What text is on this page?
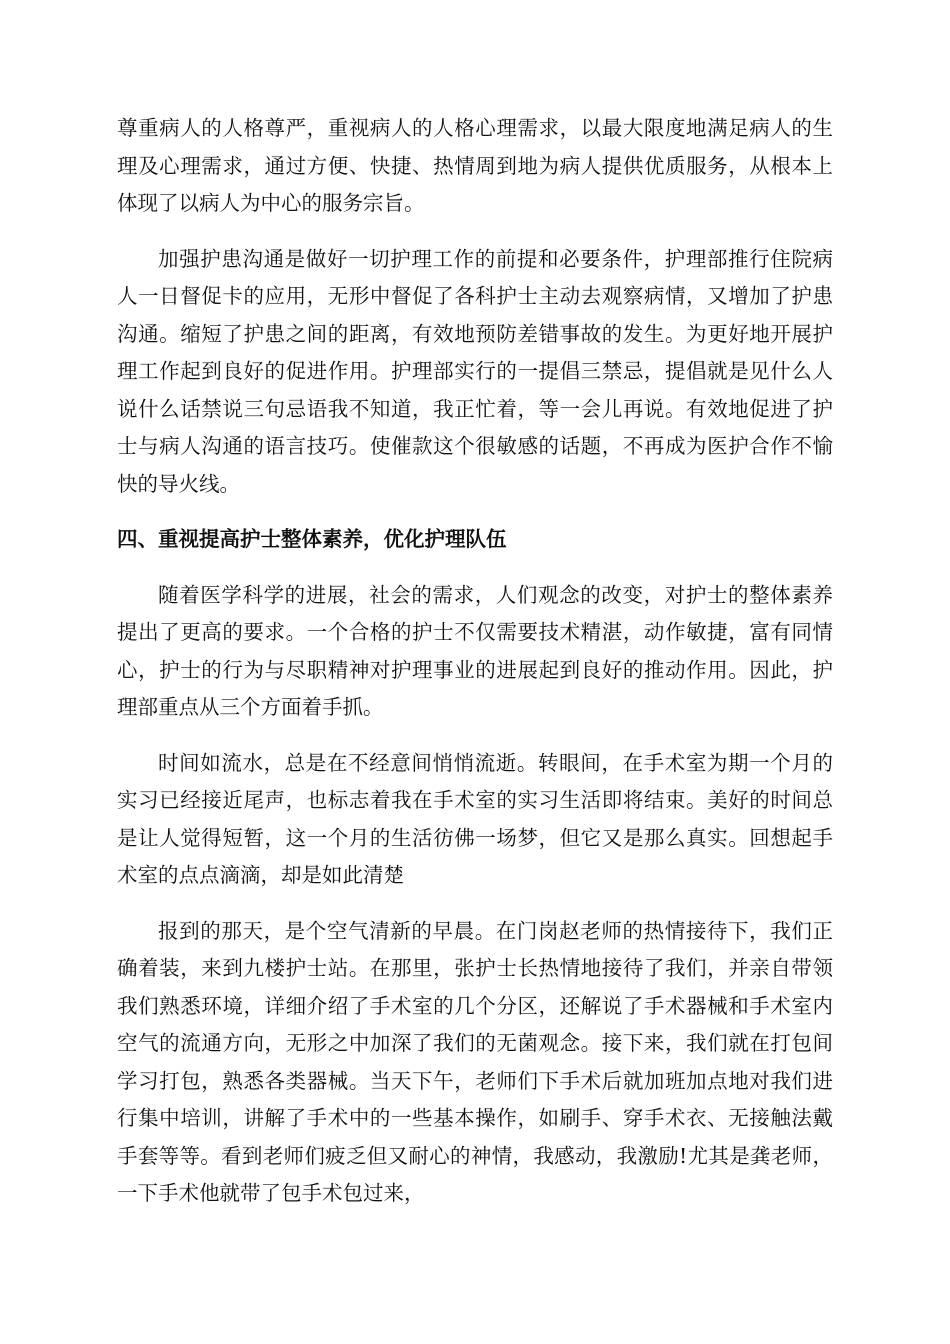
尊重病人的人格尊严，重视病人的人格心理需求，以最大限度地满足病人的生理及心理需求，通过方便、快捷、热情周到地为病人提供优质服务，从根本上体现了以病人为中心的服务宗旨。

加强护患沟通是做好一切护理工作的前提和必要条件，护理部推行住院病人一日督促卡的应用，无形中督促了各科护士主动去观察病情，又增加了护患沟通。缩短了护患之间的距离，有效地预防差错事故的发生。为更好地开展护理工作起到良好的促进作用。护理部实行的一提倡三禁忌，提倡就是见什么人说什么话禁说三句忌语我不知道，我正忙着，等一会儿再说。有效地促进了护士与病人沟通的语言技巧。使催款这个很敏感的话题，不再成为医护合作不愉快的导火线。

四、重视提高护士整体素养，优化护理队伍

随着医学科学的进展，社会的需求，人们观念的改变，对护士的整体素养提出了更高的要求。一个合格的护士不仅需要技术精湛，动作敏捷，富有同情心，护士的行为与尽职精神对护理事业的进展起到良好的推动作用。因此，护理部重点从三个方面着手抓。

时间如流水，总是在不经意间悄悄流逝。转眼间，在手术室为期一个月的实习已经接近尾声，也标志着我在手术室的实习生活即将结束。美好的时间总是让人觉得短暂，这一个月的生活彷佛一场梦，但它又是那么真实。回想起手术室的点点滴滴，却是如此清楚

报到的那天，是个空气清新的早晨。在门岗赵老师的热情接待下，我们正确着装，来到九楼护士站。在那里，张护士长热情地接待了我们，并亲自带领我们熟悉环境，详细介绍了手术室的几个分区，还解说了手术器械和手术室内空气的流通方向，无形之中加深了我们的无菌观念。接下来，我们就在打包间学习打包，熟悉各类器械。当天下午，老师们下手术后就加班加点地对我们进行集中培训，讲解了手术中的一些基本操作，如刷手、穿手术衣、无接触法戴手套等等。看到老师们疲乏但又耐心的神情，我感动，我激励!尤其是龚老师，一下手术他就带了包手术包过来，
